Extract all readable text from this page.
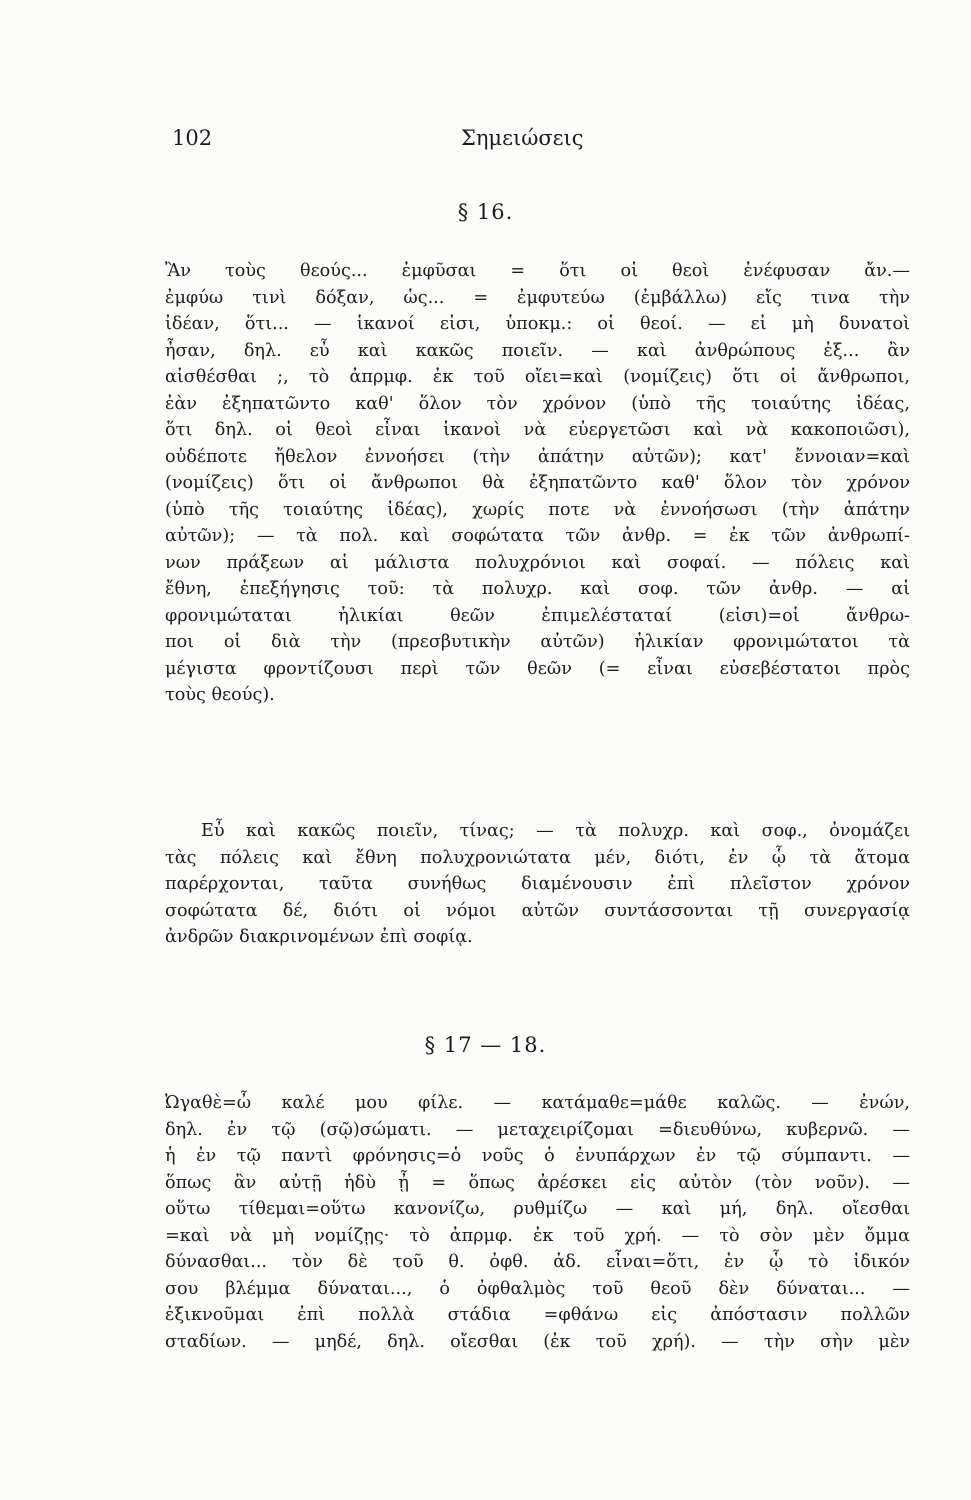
102	Σημειώσεις
§ 16.
Ἂν τοὺς θεούς... ἐμφῦσαι = ὅτι οἱ θεοὶ ἐνέφυσαν ἄν.—
ἐμφύω τινὶ δόξαν, ὡς... = ἐμφυτεύω (ἐμβάλλω) εἴς τινα τὴν
ἰδέαν, ὅτι... — ἱκανοί εἰσι, ὑποκμ.: οἱ θεοί. — εἰ μὴ δυνατοὶ
ἦσαν, δηλ. εὖ καὶ κακῶς ποιεῖν. — καὶ ἀνθρώπους ἐξ... ἂν
αἰσθέσθαι ;, τὸ ἀπρμφ. ἐκ τοῦ οἴει=καὶ (νομίζεις) ὅτι οἱ ἄνθρωποι,
ἐὰν ἐξηπατῶντο καθ' ὅλον τὸν χρόνον (ὑπὸ τῆς τοιαύτης ἰδέας,
ὅτι δηλ. οἱ θεοὶ εἶναι ἱκανοὶ νὰ εὐεργετῶσι καὶ νὰ κακοποιῶσι),
οὐδέποτε ἤθελον ἐννοήσει (τὴν ἀπάτην αὐτῶν); κατ' ἔννοιαν=καὶ
(νομίζεις) ὅτι οἱ ἄνθρωποι θὰ ἐξηπατῶντο καθ' ὅλον τὸν χρόνον
(ὑπὸ τῆς τοιαύτης ἰδέας), χωρίς ποτε νὰ ἐννοήσωσι (τὴν ἀπάτην
αὐτῶν); — τὰ πολ. καὶ σοφώτατα τῶν ἀνθρ. = ἐκ τῶν ἀνθρωπί-
νων πράξεων αἱ μάλιστα πολυχρόνιοι καὶ σοφαί. — πόλεις καὶ
ἔθνη, ἐπεξήγησις τοῦ: τὰ πολυχρ. καὶ σοφ. τῶν ἀνθρ. — αἱ
φρονιμώταται ἡλικίαι θεῶν ἐπιμελέσταταί (εἰσι)=οἱ ἄνθρω-
ποι οἱ διὰ τὴν (πρεσβυτικὴν αὐτῶν) ἡλικίαν φρονιμώτατοι τὰ
μέγιστα φροντίζουσι περὶ τῶν θεῶν (= εἶναι εὐσεβέστατοι πρὸς
τοὺς θεούς).
Εὖ καὶ κακῶς ποιεῖν, τίνας; — τὰ πολυχρ. καὶ σοφ., ὀνομάζει
τὰς πόλεις καὶ ἔθνη πολυχρονιώτατα μέν, διότι, ἐν ᾧ τὰ ἄτομα
παρέρχονται, ταῦτα συνήθως διαμένουσιν ἐπὶ πλεῖστον χρόνον
σοφώτατα δέ, διότι οἱ νόμοι αὐτῶν συντάσσονται τῇ συνεργασίᾳ
ἀνδρῶν διακρινομένων ἐπὶ σοφίᾳ.
§ 17 — 18.
Ὠγαθὲ=ὦ καλέ μου φίλε. — κατάμαθε=μάθε καλῶς. — ἐνών,
δηλ. ἐν τῷ (σῷ)σώματι. — μεταχειρίζομαι =διευθύνω, κυβερνῶ. —
ἡ ἐν τῷ παντὶ φρόνησις=ὁ νοῦς ὁ ἐνυπάρχων ἐν τῷ σύμπαντι. —
ὅπως ἂν αὐτῇ ἡδὺ ᾖ = ὅπως ἀρέσκει εἰς αὐτὸν (τὸν νοῦν). —
οὕτω τίθεμαι=οὕτω κανονίζω, ρυθμίζω — καὶ μή, δηλ. οἴεσθαι
=καὶ νὰ μὴ νομίζῃς· τὸ ἀπρμφ. ἐκ τοῦ χρή. — τὸ σὸν μὲν ὄμμα
δύνασθαι... τὸν δὲ τοῦ θ. ὀφθ. ἀδ. εἶναι=ὅτι, ἐν ᾧ τὸ ἰδικόν
σου βλέμμα δύναται..., ὁ ὀφθαλμὸς τοῦ θεοῦ δὲν δύναται... —
ἐξικνοῦμαι ἐπὶ πολλὰ στάδια =φθάνω εἰς ἀπόστασιν πολλῶν
σταδίων. — μηδέ, δηλ. οἴεσθαι (ἐκ τοῦ χρή). — τὴν σὴν μὲν
